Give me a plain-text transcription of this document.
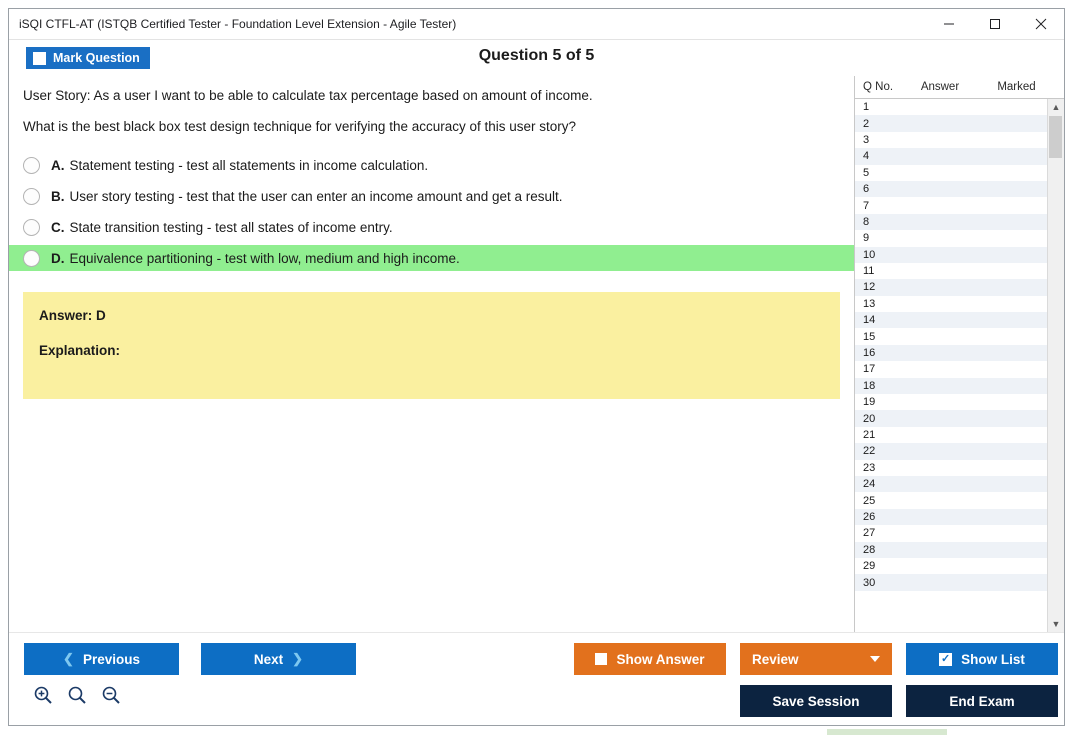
iSQI CTFL-AT (ISTQB Certified Tester - Foundation Level Extension - Agile Tester)
Mark Question	Question 5 of 5
User Story: As a user I want to be able to calculate tax percentage based on amount of income.
What is the best black box test design technique for verifying the accuracy of this user story?
A. Statement testing - test all statements in income calculation.
B. User story testing - test that the user can enter an income amount and get a result.
C. State transition testing - test all states of income entry.
D. Equivalence partitioning - test with low, medium and high income.
Answer: D
Explanation:
Q No.	Answer	Marked
1
2
3
4
5
6
7
8
9
10
11
12
13
14
15
16
17
18
19
20
21
22
23
24
25
26
27
28
29
30
▲
▼
❮ Previous	Next ❯	Show Answer	Review	✓ Show List
Save Session	End Exam
